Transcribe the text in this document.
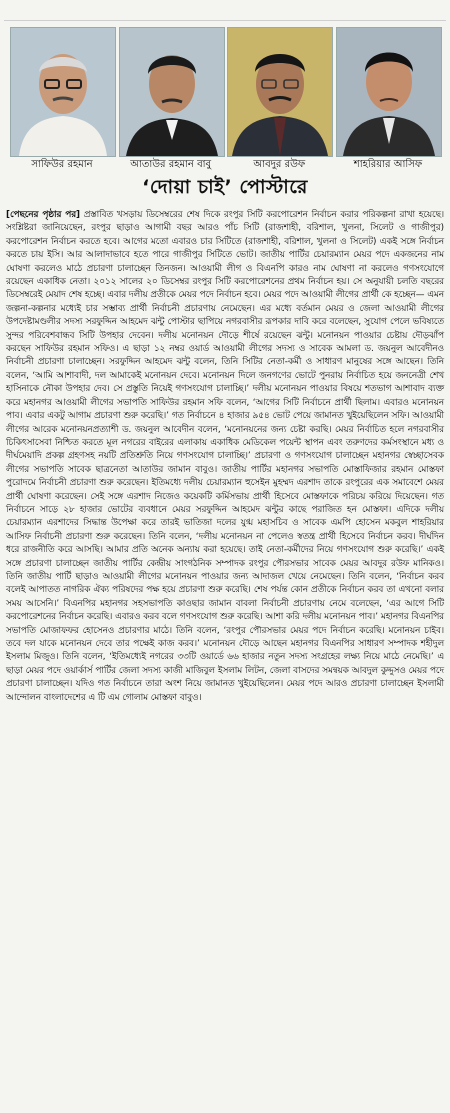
সাফিউর রহমান	আতাউর রহমান বাবু	আবদুর রউফ	শাহরিয়ার আসিফ
‘দোয়া চাই’ পোস্টারে

[পেছনের পৃষ্ঠার পর] প্রস্তাবিত খসড়ায় ডিসেম্বরের শেষ দিকে রংপুর সিটি করপোরেশন নির্বাচন করার পরিকল্পনা রাখা হয়েছে। সংশ্লিষ্টরা জানিয়েছেন, রংপুর ছাড়াও আগামী বছর আরও পাঁচ সিটি (রাজশাহী, বরিশাল, খুলনা, সিলেট ও গাজীপুর) করপোরেশন নির্বাচন করতে হবে। আগের মতো এবারও চার সিটিতে (রাজশাহী, বরিশাল, খুলনা ও সিলেট) একই সঙ্গে নির্বাচন করতে চায় ইসি। আর আলাদাভাবে হতে পারে গাজীপুর সিটিতে ভোট। জাতীয় পার্টির চেয়ারম্যান মেয়র পদে একজনের নাম ঘোষণা করলেও মাঠে প্রচারণা চালাচ্ছেন তিনজন। আওয়ামী লীগ ও বিএনপি কারও নাম ঘোষণা না করলেও গণসংযোগে রয়েছেন একাধিক নেতা। ২০১২ সালের ২০ ডিসেম্বর রংপুর সিটি করপোরেশনের প্রথম নির্বাচন হয়। সে অনুযায়ী চলতি বছরের ডিসেম্বরেই মেয়াদ শেষ হচ্ছে। এবার দলীয় প্রতীকে মেয়র পদে নির্বাচন হবে। মেয়র পদে আওয়ামী লীগের প্রার্থী কে হচ্ছেন— এমন জল্পনা-কল্পনার মধ্যেই চার সম্ভাব্য প্রার্থী নির্বাচনী প্রচারণায় নেমেছেন। এর মধ্যে বর্তমান মেয়র ও জেলা আওয়ামী লীগের উপদেষ্টামণ্ডলীর সদস্য সরফুদ্দিন আহমেদ ঝন্টু পোস্টার ছাপিয়ে নগরবাসীর রূপকার দাবি করে বলেছেন, সুযোগ পেলে ভবিষ্যতে সুন্দর পরিবেশবান্ধব সিটি উপহার দেবেন। দলীয় মনোনয়ন দৌড়ে শীর্ষে রয়েছেন ঝন্টু। মনোনয়ন পাওয়ার চেষ্টায় দৌড়ঝাঁপ করছেন সাফিউর রহমান সফিও। এ ছাড়া ১২ নম্বর ওয়ার্ড আওয়ামী লীগের সদস্য ও সাবেক আমলা ড. জয়নুল আবেদীনও নির্বাচনী প্রচারণা চালাচ্ছেন। সরফুদ্দিন আহমেদ ঝন্টু বলেন, তিনি সিটির নেতা-কর্মী ও সাধারণ মানুষের সঙ্গে আছেন। তিনি বলেন, ‘আমি আশাবাদী, দল আমাকেই মনোনয়ন দেবে। মনোনয়ন দিলে জনগণের ভোটে পুনরায় নির্বাচিত হয়ে জননেত্রী শেখ হাসিনাকে নৌকা উপহার দেব। সে প্রস্তুতি নিয়েই গণসংযোগ চালাচ্ছি।’ দলীয় মনোনয়ন পাওয়ার বিষয়ে শতভাগ আশাবাদ ব্যক্ত করে মহানগর আওয়ামী লীগের সভাপতি সাফিউর রহমান সফি বলেন, ‘আগের সিটি নির্বাচনে প্রার্থী ছিলাম। এবারও মনোনয়ন পাব। এবার একটু আগাম প্রচারণা শুরু করেছি।’ গত নির্বাচনে ৪ হাজার ৯৫৪ ভোট পেয়ে জামানত খুইয়েছিলেন সফি। আওয়ামী লীগের আরেক মনোনয়নপ্রত্যাশী ড. জয়নুল আবেদীন বলেন, ‘মনোনয়নের জন্য চেষ্টা করছি। মেয়র নির্বাচিত হলে নগরবাসীর চিকিৎসাসেবা নিশ্চিত করতে মূল নগরের বাইরের এলাকায় একাধিক মেডিকেল পয়েন্ট স্থাপন এবং তরুণদের কর্মসংস্থানে মধ্য ও দীর্ঘমেয়াদি প্রকল্প গ্রহণসহ নয়টি প্রতিশ্রুতি নিয়ে গণসংযোগ চালাচ্ছি।’ প্রচারণা ও গণসংযোগ চালাচ্ছেন মহানগর স্বেচ্ছাসেবক লীগের সভাপতি সাবেক ছাত্রনেতা আতাউর জামান বাবুও। জাতীয় পার্টির মহানগর সভাপতি মোস্তাফিজার রহমান মোস্তফা পুরোদমে নির্বাচনী প্রচারণা শুরু করেছেন। ইতিমধ্যে দলীয় চেয়ারম্যান হুসেইন মুহম্মদ এরশাদ তাকে রংপুরের এক সমাবেশে মেয়র প্রার্থী ঘোষণা করেছেন। সেই সঙ্গে এরশাদ নিজেও কয়েকটি কর্মিসভায় প্রার্থী হিসেবে মোস্তফাকে পরিচয় করিয়ে দিয়েছেন। গত নির্বাচনে সাড়ে ২৮ হাজার ভোটের ব্যবধানে মেয়র সরফুদ্দিন আহমেদ ঝন্টুর কাছে পরাজিত হন মোস্তফা। এদিকে দলীয় চেয়ারম্যান এরশাদের সিদ্ধান্ত উপেক্ষা করে তারই ভাতিজা দলের যুগ্ম মহাসচিব ও সাবেক এমপি হোসেন মকবুল শাহরিয়ার আসিফ নির্বাচনী প্রচারণা শুরু করেছেন। তিনি বলেন, ‘দলীয় মনোনয়ন না পেলেও স্বতন্ত্র প্রার্থী হিসেবে নির্বাচন করব। দীর্ঘদিন ধরে রাজনীতি করে আসছি। আমার প্রতি অনেক অন্যায় করা হয়েছে। তাই নেতা-কর্মীদের নিয়ে গণসংযোগ শুরু করেছি।’ একই সঙ্গে প্রচারণা চালাচ্ছেন জাতীয় পার্টির কেন্দ্রীয় সাংগঠনিক সম্পাদক রংপুর পৌরসভার সাবেক মেয়র আবদুর রউফ মানিকও। তিনি জাতীয় পার্টি ছাড়াও আওয়ামী লীগের মনোনয়ন পাওয়ার জন্য আদাজল খেয়ে নেমেছেন। তিনি বলেন, ‘নির্বাচন করব বলেই আপাতত নাগরিক ঐক্য পরিষদের পক্ষ হয়ে প্রচারণা শুরু করেছি। শেষ পর্যন্ত কোন প্রতীকে নির্বাচন করব তা এখনো বলার সময় আসেনি।’ বিএনপির মহানগর সহসভাপতি কাওছার জামান বাবলা নির্বাচনী প্রচারণায় নেমে বলেছেন, ‘এর আগে সিটি করপোরেশনের নির্বাচন করেছি। এবারও করব বলে গণসংযোগ শুরু করেছি। আশা করি দলীয় মনোনয়ন পাব।’ মহানগর বিএনপির সভাপতি মোজাফফর হোসেনও প্রচারণার মাঠে। তিনি বলেন, ‘রংপুর পৌরসভার মেয়র পদে নির্বাচন করেছি। মনোনয়ন চাইব। তবে দল যাকে মনোনয়ন দেবে তার পক্ষেই কাজ করব।’ মনোনয়ন দৌড়ে আছেন মহানগর বিএনপির সাধারণ সম্পাদক শহীদুল ইসলাম মিজুও। তিনি বলেন, ‘ইতিমধ্যেই নগরের ৩৩টি ওয়ার্ডে ৬৬ হাজার নতুন সদস্য সংগ্রহের লক্ষ্য নিয়ে মাঠে নেমেছি।’ এ ছাড়া মেয়র পদে ওয়ার্কার্স পার্টির জেলা সদস্য কাজী মাজিবুল ইসলাম লিটন, জেলা বাসদের সমন্বয়ক আবদুল কুদ্দুসও মেয়র পদে প্রচারণা চালাচ্ছেন। যদিও গত নির্বাচনে তারা অংশ নিয়ে জামানত খুইয়েছিলেন। মেয়র পদে আরও প্রচারণা চালাচ্ছেন ইসলামী আন্দোলন বাংলাদেশের এ টি এম গোলাম মোস্তফা বাবুও।
